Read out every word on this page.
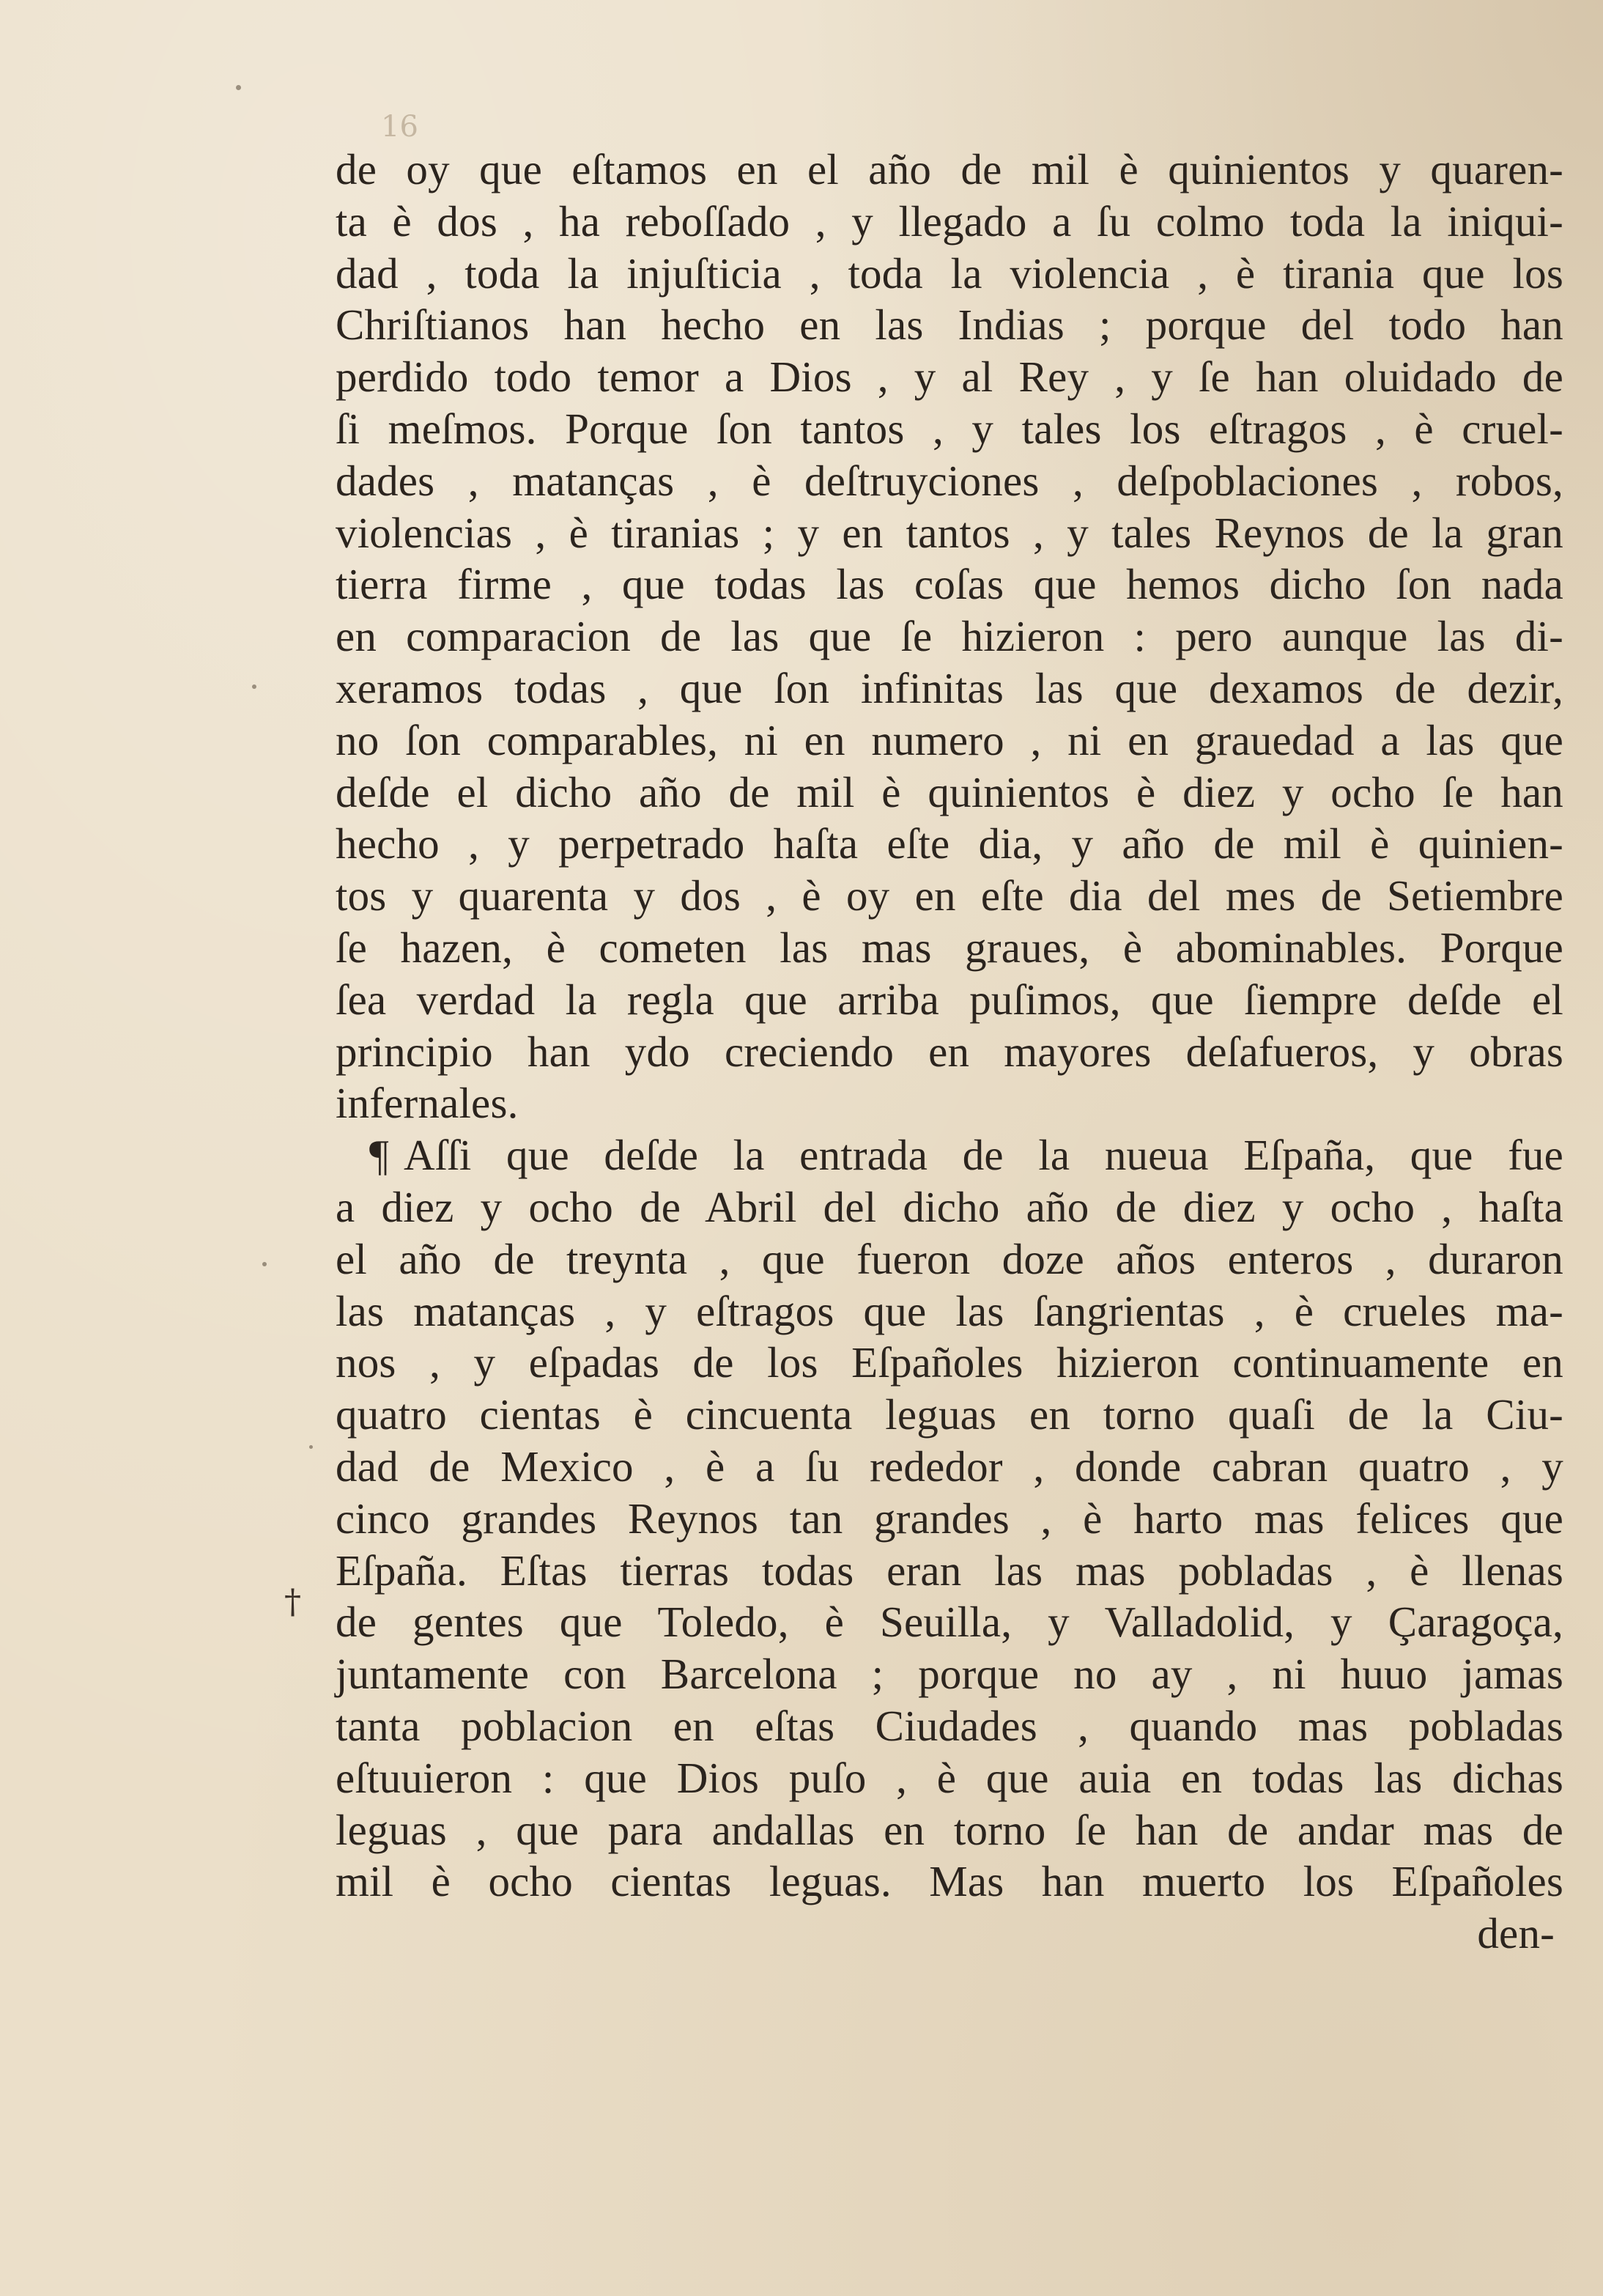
16
†
de oy que eſtamos en el año de mil è quinientos y quaren-
ta è dos , ha reboſſado , y llegado a ſu colmo toda la iniqui-
dad , toda la injuſticia , toda la violencia , è tirania que los
Chriſtianos han hecho en las Indias ; porque del todo han
perdido todo temor a Dios , y al Rey , y ſe han oluidado de
ſi meſmos. Porque ſon tantos , y tales los eſtragos , è cruel-
dades , matanças , è deſtruyciones , deſpoblaciones , robos,
violencias , è tiranias ; y en tantos , y tales Reynos de la gran
tierra firme , que todas las coſas que hemos dicho ſon nada
en comparacion de las que ſe hizieron : pero aunque las di-
xeramos todas , que ſon infinitas las que dexamos de dezir,
no ſon comparables, ni en numero , ni en grauedad a las que
deſde el dicho año de mil è quinientos è diez y ocho ſe han
hecho , y perpetrado haſta eſte dia, y año de mil è quinien-
tos y quarenta y dos , è oy en eſte dia del mes de Setiembre
ſe hazen, è cometen las mas graues, è abominables. Porque
ſea verdad la regla que arriba puſimos, que ſiempre deſde el
principio han ydo creciendo en mayores deſafueros, y obras
infernales.
¶ Aſſi que deſde la entrada de la nueua Eſpaña, que fue
a diez y ocho de Abril del dicho año de diez y ocho , haſta
el año de treynta , que fueron doze años enteros , duraron
las matanças , y eſtragos que las ſangrientas , è crueles ma-
nos , y eſpadas de los Eſpañoles hizieron continuamente en
quatro cientas è cincuenta leguas en torno quaſi de la Ciu-
dad de Mexico , è a ſu rededor , donde cabran quatro , y
cinco grandes Reynos tan grandes , è harto mas felices que
Eſpaña. Eſtas tierras todas eran las mas pobladas , è llenas
de gentes que Toledo, è Seuilla, y Valladolid, y Çaragoça,
juntamente con Barcelona ; porque no ay , ni huuo jamas
tanta poblacion en eſtas Ciudades , quando mas pobladas
eſtuuieron : que Dios puſo , è que auia en todas las dichas
leguas , que para andallas en torno ſe han de andar mas de
mil è ocho cientas leguas. Mas han muerto los Eſpañoles
den-
